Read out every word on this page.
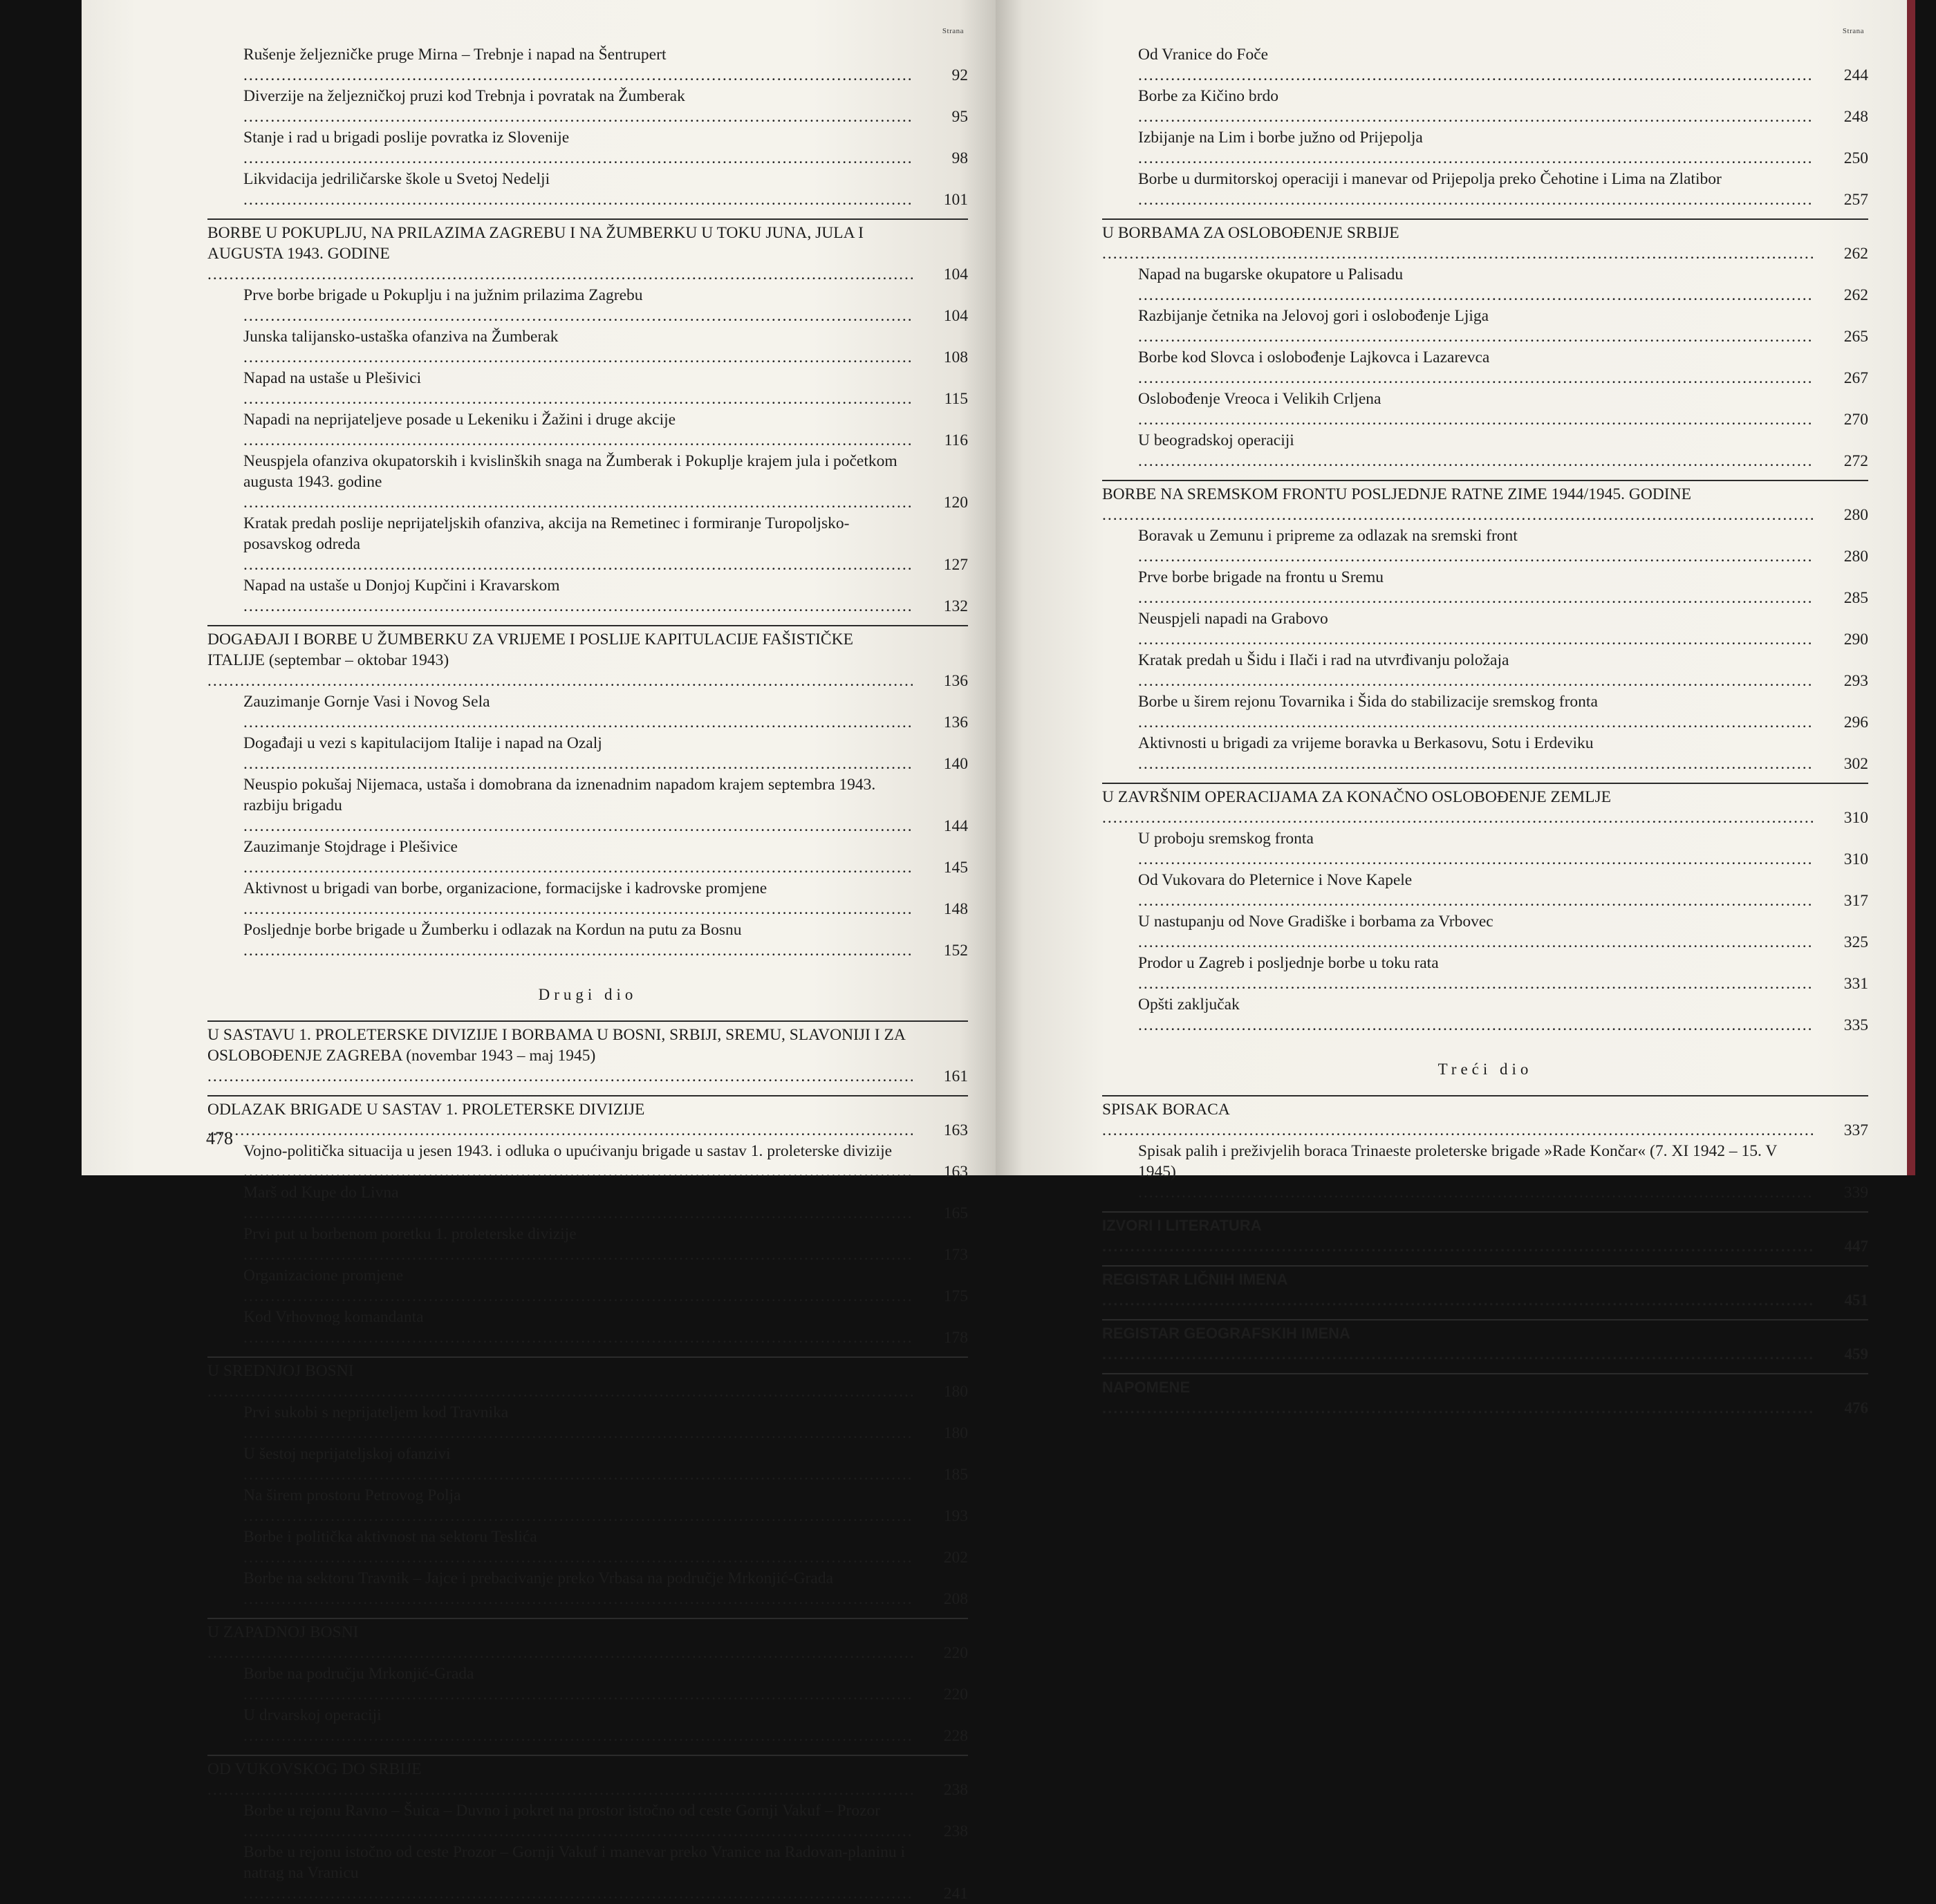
Strana
Rušenje željezničke pruge Mirna – Trebnje i napad na Šentrupert .....
92
Diverzije na željezničkoj pruzi kod Trebnja i povratak na Žumberak .....
95
Stanje i rad u brigadi poslije povratka iz Slovenije .....
98
Likvidacija jedriličarske škole u Svetoj Nedelji .....
101
BORBE U POKUPLJU, NA PRILAZIMA ZAGREBU I NA ŽUMBERKU U TOKU JUNA, JULA I AUGUSTA 1943. GODINE .....
104
Prve borbe brigade u Pokuplju i na južnim prilazima Zagrebu .....
104
Junska talijansko-ustaška ofanziva na Žumberak .....
108
Napad na ustaše u Plešivici .....
115
Napadi na neprijateljeve posade u Lekeniku i Žažini i druge akcije .....
116
Neuspjela ofanziva okupatorskih i kvislinških snaga na Žumberak i Pokuplje krajem jula i početkom augusta 1943. godine .....
120
Kratak predah poslije neprijateljskih ofanziva, akcija na Remetinec i formiranje Turopoljsko-posavskog odreda .....
127
Napad na ustaše u Donjoj Kupčini i Kravarskom .....
132
DOGAĐAJI I BORBE U ŽUMBERKU ZA VRIJEME I POSLIJE KAPITULACIJE FAŠISTIČKE ITALIJE (septembar – oktobar 1943) .....
136
Zauzimanje Gornje Vasi i Novog Sela .....
136
Događaji u vezi s kapitulacijom Italije i napad na Ozalj .....
140
Neuspio pokušaj Nijemaca, ustaša i domobrana da iznenadnim napadom krajem septembra 1943. razbiju brigadu .....
144
Zauzimanje Stojdrage i Plešivice .....
145
Aktivnost u brigadi van borbe, organizacione, formacijske i kadrovske promjene .....
148
Posljednje borbe brigade u Žumberku i odlazak na Kordun na putu za Bosnu .....
152
Drugi dio
U SASTAVU 1. PROLETERSKE DIVIZIJE I BORBAMA U BOSNI, SRBIJI, SREMU, SLAVONIJI I ZA OSLOBOĐENJE ZAGREBA (novembar 1943 – maj 1945) .....
161
ODLAZAK BRIGADE U SASTAV 1. PROLETERSKE DIVIZIJE .....
163
Vojno-politička situacija u jesen 1943. i odluka o upućivanju brigade u sastav 1. proleterske divizije .....
163
Marš od Kupe do Livna .....
165
Prvi put u borbenom poretku 1. proleterske divizije .....
173
Organizacione promjene .....
175
Kod Vrhovnog komandanta .....
178
U SREDNJOJ BOSNI .....
180
Prvi sukobi s neprijateljem kod Travnika .....
180
U šestoj neprijateljskoj ofanzivi .....
185
Na širem prostoru Petrovog Polja .....
193
Borbe i politička aktivnost na sektoru Teslića .....
202
Borbe na sektoru Travnik – Jajce i prebacivanje preko Vrbasa na područje Mrkonjić-Grada .....
208
U ZAPADNOJ BOSNI .....
220
Borbe na području Mrkonjić-Grada .....
220
U drvarskoj operaciji .....
228
OD VUKOVSKOG DO SRBIJE .....
238
Borbe u rejonu Ravno – Šuica – Duvno i pokret na prostor istočno od ceste Gornji Vakuf – Prozor .....
238
Borbe u rejonu istočno od ceste Prozor – Gornji Vakuf i manevar preko Vranice na Radovan-planinu i natrag na Vranicu .....
241
478
Strana
Od Vranice do Foče .....
244
Borbe za Kičino brdo .....
248
Izbijanje na Lim i borbe južno od Prijepolja .....
250
Borbe u durmitorskoj operaciji i manevar od Prijepolja preko Čehotine i Lima na Zlatibor .....
257
U BORBAMA ZA OSLOBOĐENJE SRBIJE .....
262
Napad na bugarske okupatore u Palisadu .....
262
Razbijanje četnika na Jelovoj gori i oslobođenje Ljiga .....
265
Borbe kod Slovca i oslobođenje Lajkovca i Lazarevca .....
267
Oslobođenje Vreoca i Velikih Crljena .....
270
U beogradskoj operaciji .....
272
BORBE NA SREMSKOM FRONTU POSLJEDNJE RATNE ZIME 1944/1945. GODINE .....
280
Boravak u Zemunu i pripreme za odlazak na sremski front .....
280
Prve borbe brigade na frontu u Sremu .....
285
Neuspjeli napadi na Grabovo .....
290
Kratak predah u Šidu i Ilači i rad na utvrđivanju položaja .....
293
Borbe u širem rejonu Tovarnika i Šida do stabilizacije sremskog fronta .....
296
Aktivnosti u brigadi za vrijeme boravka u Berkasovu, Sotu i Erdeviku .....
302
U ZAVRŠNIM OPERACIJAMA ZA KONAČNO OSLOBOĐENJE ZEMLJE .....
310
U proboju sremskog fronta .....
310
Od Vukovara do Pleternice i Nove Kapele .....
317
U nastupanju od Nove Gradiške i borbama za Vrbovec .....
325
Prodor u Zagreb i posljednje borbe u toku rata .....
331
Opšti zaključak .....
335
Treći dio
SPISAK BORACA .....
337
Spisak palih i preživjelih boraca Trinaeste proleterske brigade »Rade Končar« (7. XI 1942 – 15. V 1945) .....
339
IZVORI I LITERATURA .....
447
REGISTAR LIČNIH IMENA .....
451
REGISTAR GEOGRAFSKIH IMENA .....
459
NAPOMENE .....
476
